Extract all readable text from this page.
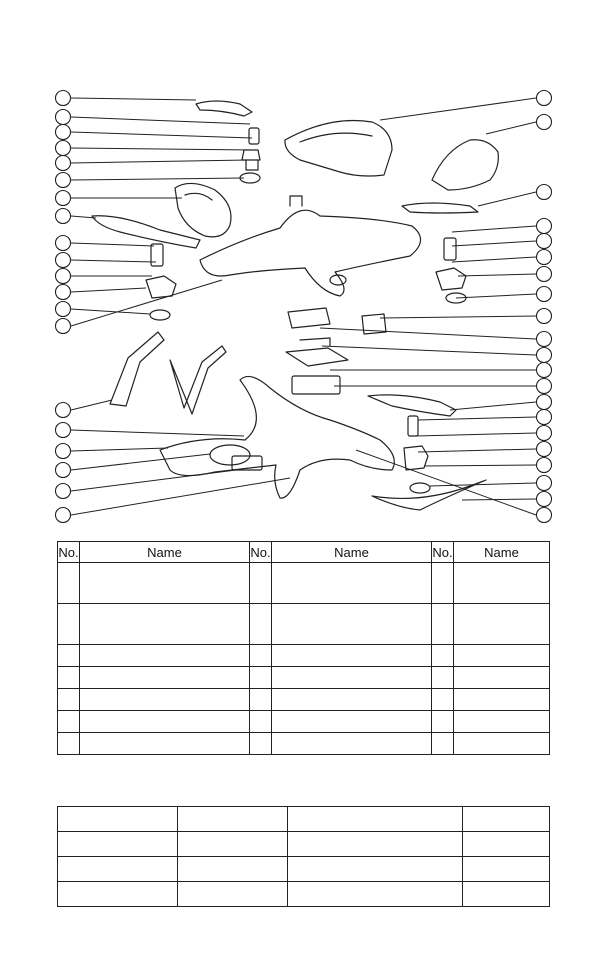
No.	Name	No.	Name	No.	Name
